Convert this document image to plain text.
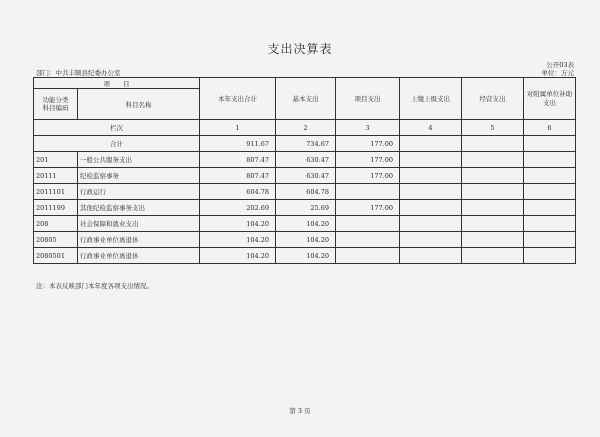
支出决算表
公开03表
部门：中共丰顺县纪委办公室	单位：万元
项　　目		本年支出合计	基本支出	项目支出	上缴上级支出	经营支出	对附属单位补助
支出
功能分类
科目编码	科目名称						
栏次		1	2	3	4	5	6
合计		911.67	734.67	177.00			
201	一般公共服务支出	807.47	630.47	177.00			
20111	纪检监察事务	807.47	630.47	177.00			
2011101	行政运行	604.78	604.78				
2011199	其他纪检监察事务支出	202.69	25.69	177.00			
208	社会保障和就业支出	104.20	104.20				
20805	行政事业单位离退休	104.20	104.20				
2080501	行政事业单位离退休	104.20	104.20				
注：本表反映部门本年度各项支出情况。
第 3 页
